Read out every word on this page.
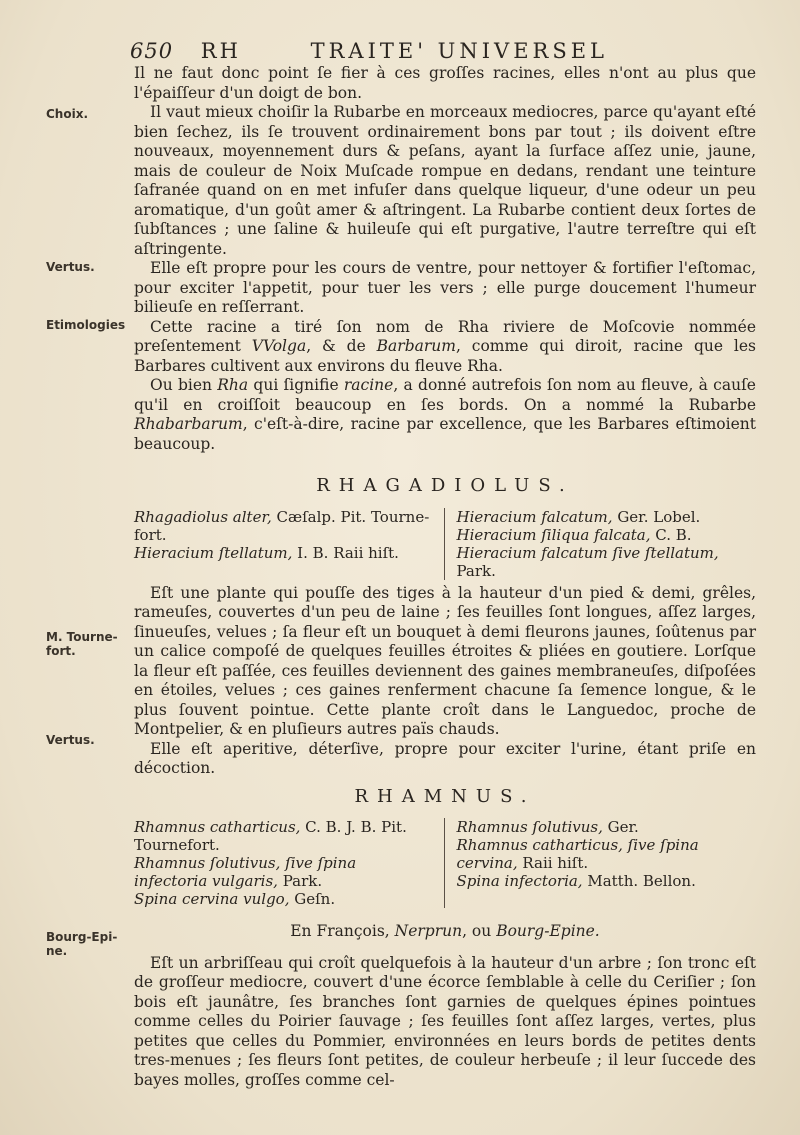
650 RH	TRAITE' UNIVERSEL
Choix.
Vertus.
Etimologies
M. Tourne-fort.
Vertus.
Bourg-Epi-ne.

Il ne faut donc point ſe fier à ces groſſes racines, elles n'ont au plus que l'épaiſſeur d'un doigt de bon.

Il vaut mieux choiſir la Rubarbe en morceaux mediocres, parce qu'ayant eſté bien ſechez, ils ſe trouvent ordinairement bons par tout ; ils doivent eſtre nouveaux, moyennement durs & peſans, ayant la ſurface aſſez unie, jaune, mais de couleur de Noix Muſcade rompue en dedans, rendant une teinture ſafranée quand on en met infuſer dans quelque liqueur, d'une odeur un peu aromatique, d'un goût amer & aſtringent. La Rubarbe contient deux ſortes de ſubſtances ; une ſaline & huileuſe qui eſt purgative, l'autre terreſtre qui eſt aſtringente.

Elle eſt propre pour les cours de ventre, pour nettoyer & fortifier l'eſtomac, pour exciter l'appetit, pour tuer les vers ; elle purge doucement l'humeur bilieuſe en reſſerrant.

Cette racine a tiré ſon nom de Rha riviere de Moſcovie nommée preſentement VVolga, & de Barbarum, comme qui diroit, racine que les Barbares cultivent aux environs du fleuve Rha.

Ou bien Rha qui ſignifie racine, a donné autrefois ſon nom au fleuve, à cauſe qu'il en croiſſoit beaucoup en ſes bords. On a nommé la Rubarbe Rhabarbarum, c'eſt-à-dire, racine par excellence, que les Barbares eſtimoient beaucoup.

RHAGADIOLUS.
Rhagadiolus alter, Cæſalp. Pit. Tourne-fort.
Hieracium ſtellatum, I. B. Raii hiſt.
Hieracium falcatum, Ger. Lobel.
Hieracium ſiliqua falcata, C. B.
Hieracium falcatum ſive ſtellatum, Park.

Eſt une plante qui pouſſe des tiges à la hauteur d'un pied & demi, grêles, rameuſes, couvertes d'un peu de laine ; ſes feuilles ſont longues, aſſez larges, ſinueuſes, velues ; ſa fleur eſt un bouquet à demi fleurons jaunes, ſoûtenus par un calice compoſé de quelques feuilles étroites & pliées en goutiere. Lorſque la fleur eſt paſſée, ces feuilles deviennent des gaines membraneuſes, diſpoſées en étoiles, velues ; ces gaines renferment chacune ſa ſemence longue, & le plus ſouvent pointue. Cette plante croît dans le Languedoc, proche de Montpelier, & en pluſieurs autres païs chauds.

Elle eſt aperitive, déterſive, propre pour exciter l'urine, étant priſe en décoction.

RHAMNUS.
Rhamnus catharticus, C. B. J. B. Pit. Tournefort.
Rhamnus ſolutivus, ſive ſpina infectoria vulgaris, Park.
Spina cervina vulgo, Geſn.
Rhamnus ſolutivus, Ger.
Rhamnus catharticus, ſive ſpina cervina, Raii hiſt.
Spina infectoria, Matth. Bellon.
En François, Nerprun, ou Bourg-Epine.

Eſt un arbriſſeau qui croît quelquefois à la hauteur d'un arbre ; ſon tronc eſt de groſſeur mediocre, couvert d'une écorce ſemblable à celle du Ceriſier ; ſon bois eſt jaunâtre, ſes branches ſont garnies de quelques épines pointues comme celles du Poirier ſauvage ; ſes feuilles ſont aſſez larges, vertes, plus petites que celles du Pommier, environnées en leurs bords de petites dents tres-menues ; ſes fleurs ſont petites, de couleur herbeuſe ; il leur ſuccede des bayes molles, groſſes comme cel-
